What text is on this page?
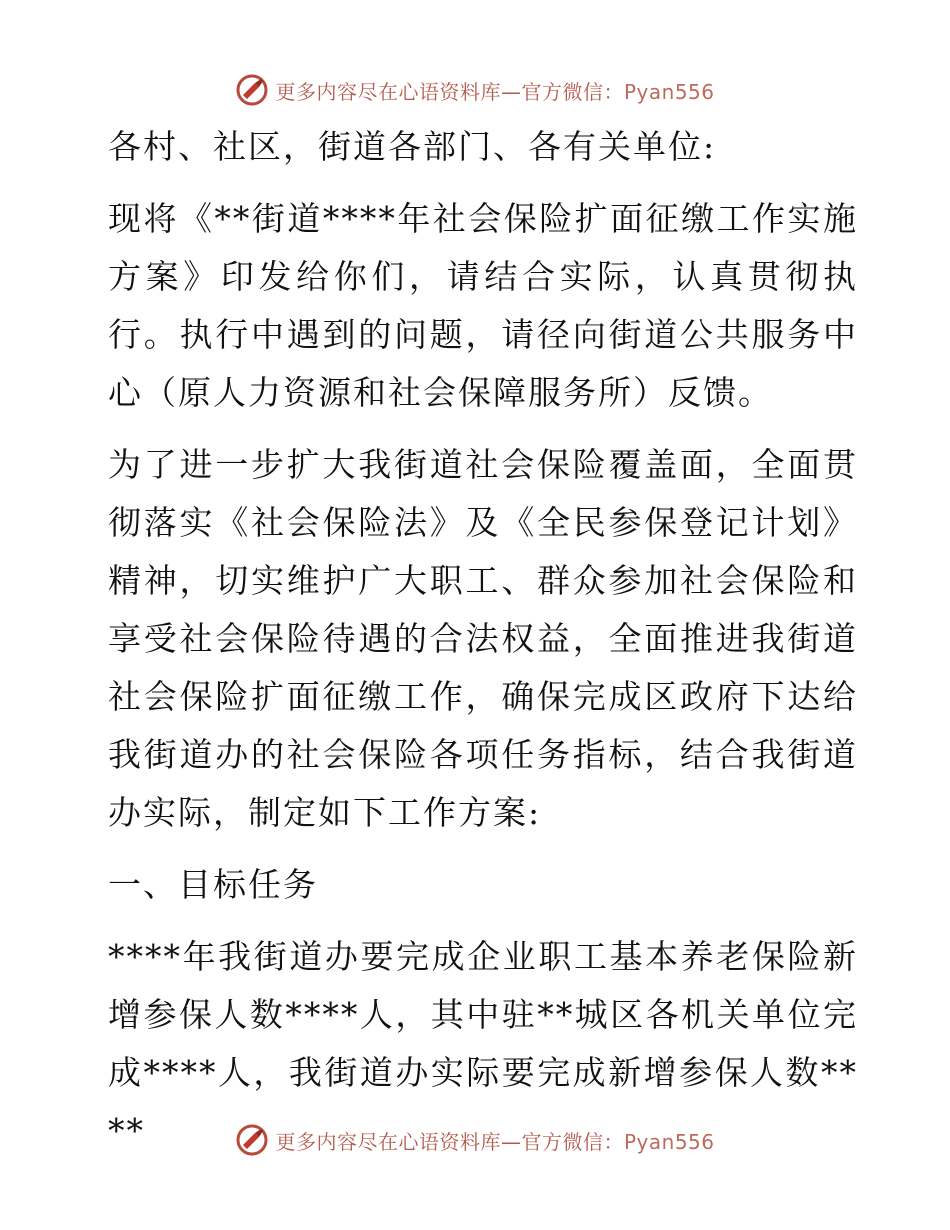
更多内容尽在心语资料库—官方微信：Pyan556

各村、社区，街道各部门、各有关单位:

现将《**街道****年社会保险扩面征缴工作实施方案》印发给你们，请结合实际，认真贯彻执行。执行中遇到的问题，请径向街道公共服务中心（原人力资源和社会保障服务所）反馈。

为了进一步扩大我街道社会保险覆盖面，全面贯彻落实《社会保险法》及《全民参保登记计划》精神，切实维护广大职工、群众参加社会保险和享受社会保险待遇的合法权益，全面推进我街道社会保险扩面征缴工作，确保完成区政府下达给我街道办的社会保险各项任务指标，结合我街道办实际，制定如下工作方案:

一、目标任务

****年我街道办要完成企业职工基本养老保险新增参保人数****人，其中驻**城区各机关单位完成****人，我街道办实际要完成新增参保人数****	更多内容尽在心语资料库—官方微信：Pyan556
